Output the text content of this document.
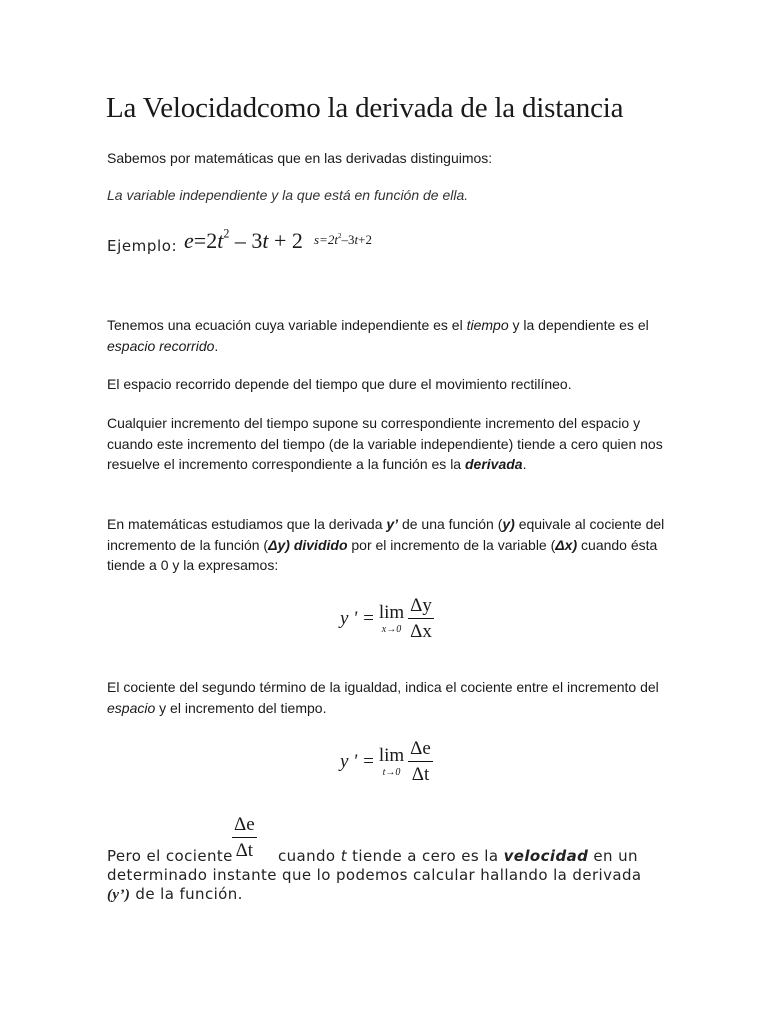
La Velocidadcomo la derivada de la distancia
Sabemos por matemáticas que en las derivadas distinguimos:
La variable independiente y la que está en función de ella.
Ejemplo: $e=2t^2 - 3t + 2$ $s=2t^2-3t+2$
Tenemos una ecuación cuya variable independiente es el tiempo y la dependiente es el espacio recorrido.
El espacio recorrido depende del tiempo que dure el movimiento rectilíneo.
Cualquier incremento del tiempo supone su correspondiente incremento del espacio y cuando este incremento del tiempo (de la variable independiente) tiende a cero quien nos resuelve el incremento correspondiente a la función es la derivada.
En matemáticas estudiamos que la derivada y’ de una función (y) equivale al cociente del incremento de la función (Δy) dividido por el incremento de la variable (Δx) cuando ésta tiende a 0 y la expresamos:
y ' = lim
$x\to 0 \frac{\Delta y}{\Delta x}$
El cociente del segundo término de la igualdad, indica el cociente entre el incremento del espacio y el incremento del tiempo.
y ' = lim
$t\to 0 \frac{\Delta e}{\Delta t}$
$\frac{\Delta e}{\Delta t}$
Pero el cociente	cuando t tiende a cero es la velocidad en un determinado instante que lo podemos calcular hallando la derivada (y’) de la función.
